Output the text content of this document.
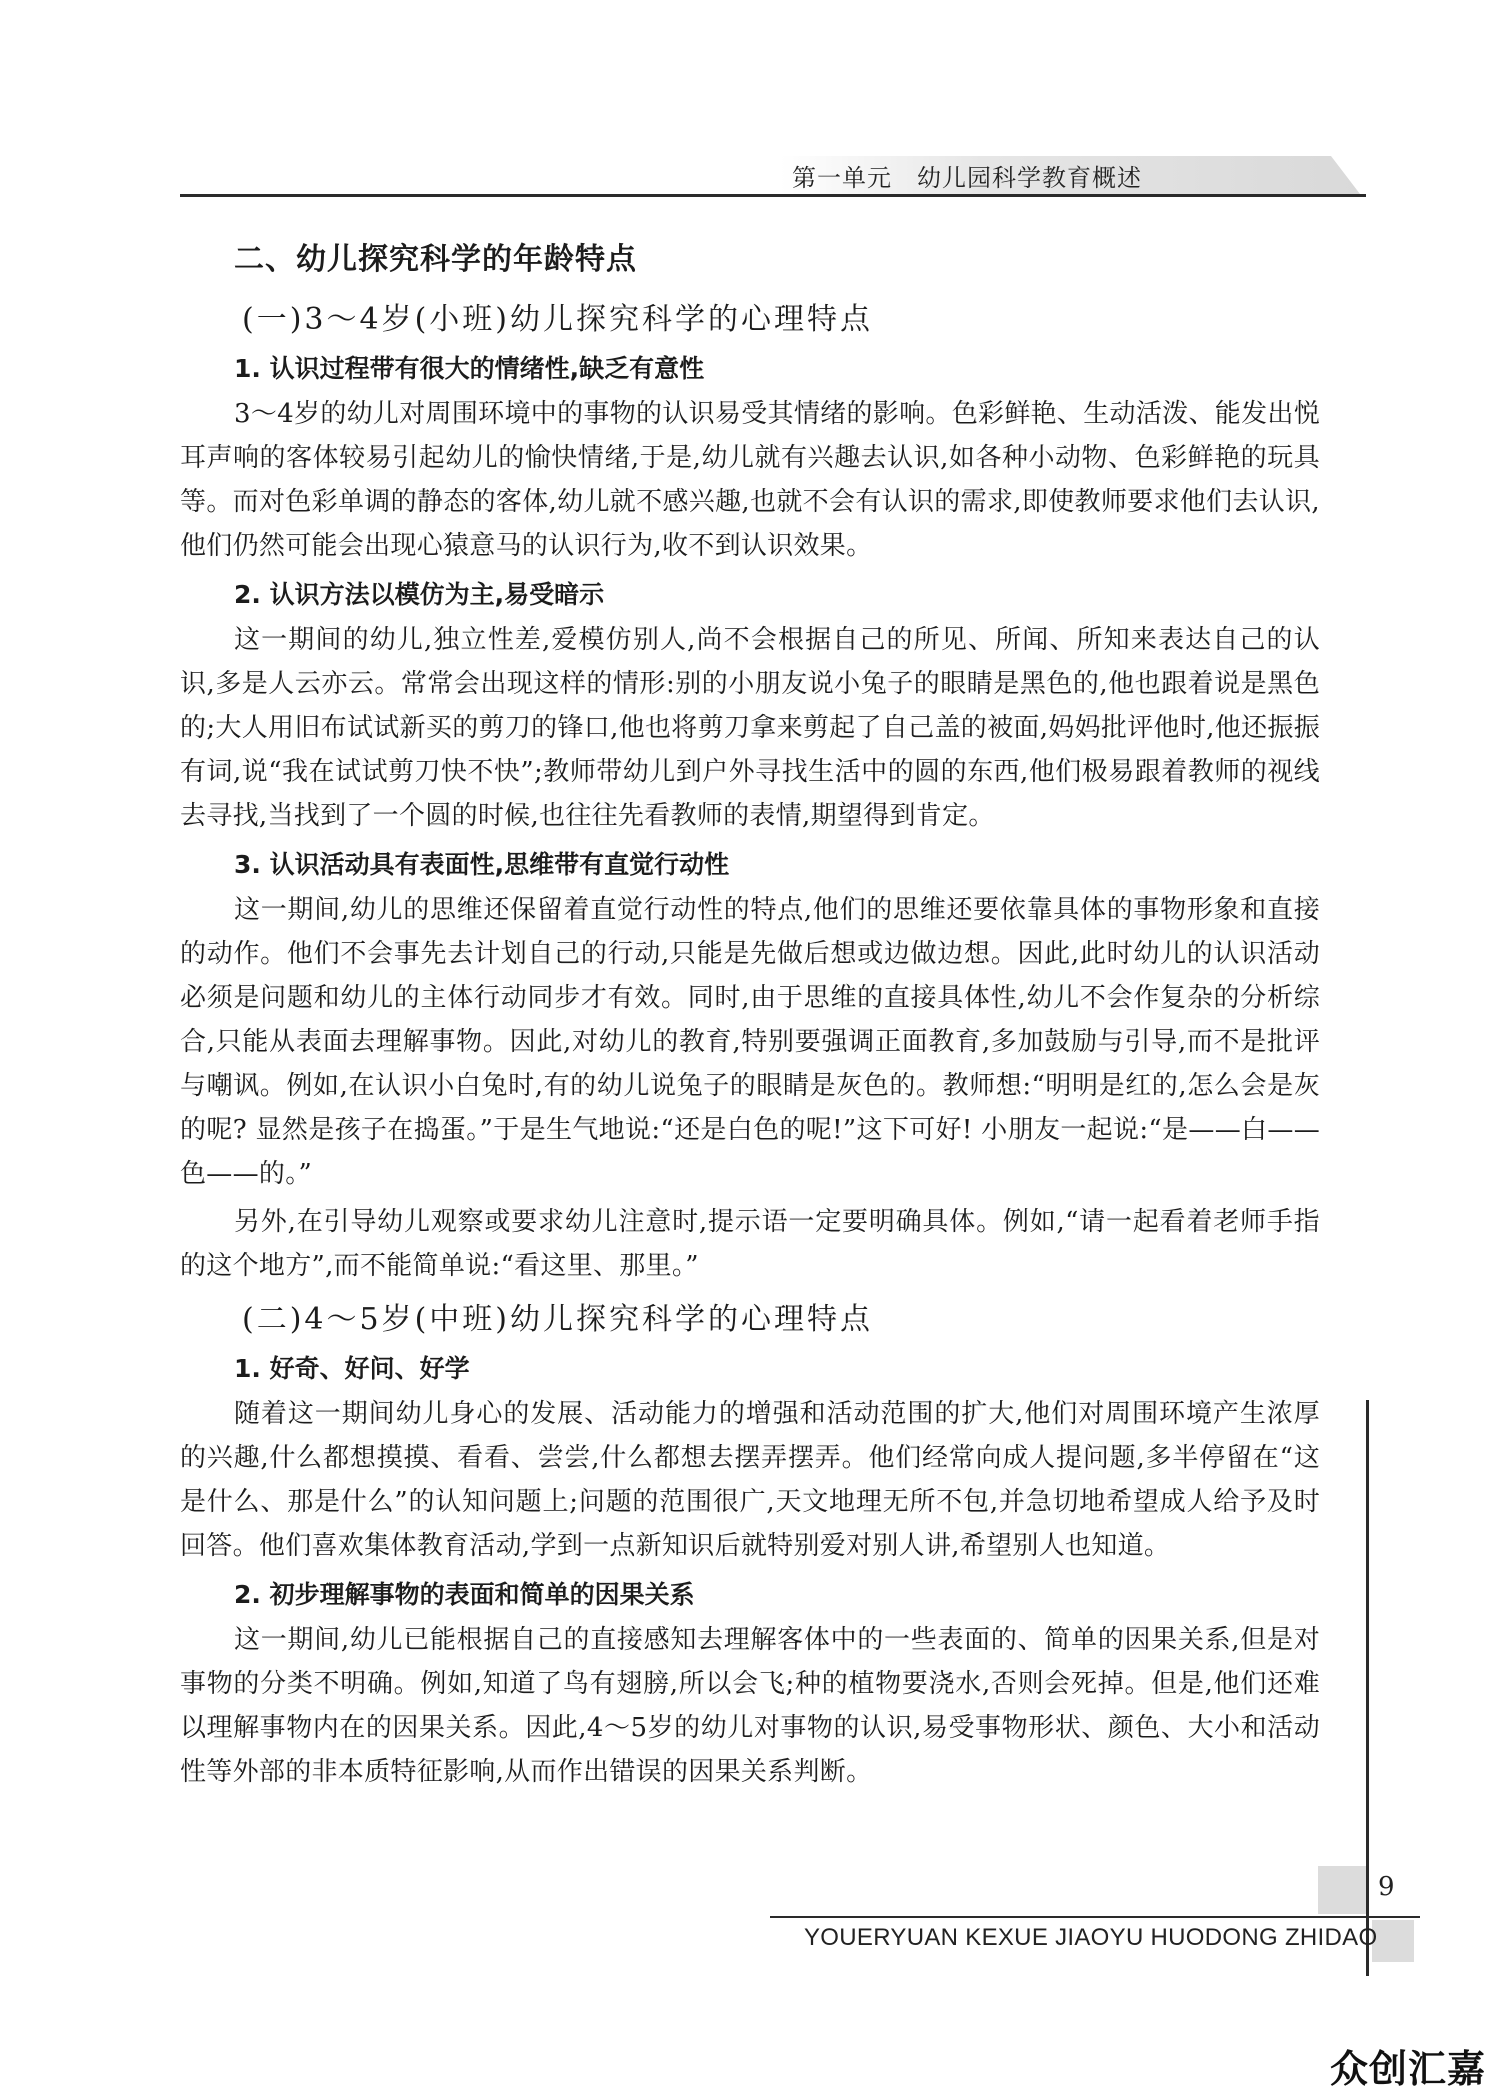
第一单元　幼儿园科学教育概述
二、幼儿探究科学的年龄特点
(一)3～4岁(小班)幼儿探究科学的心理特点
1. 认识过程带有很大的情绪性,缺乏有意性

3～4岁的幼儿对周围环境中的事物的认识易受其情绪的影响。色彩鲜艳、生动活泼、能发出悦耳声响的客体较易引起幼儿的愉快情绪,于是,幼儿就有兴趣去认识,如各种小动物、色彩鲜艳的玩具等。而对色彩单调的静态的客体,幼儿就不感兴趣,也就不会有认识的需求,即使教师要求他们去认识,他们仍然可能会出现心猿意马的认识行为,收不到认识效果。

2. 认识方法以模仿为主,易受暗示

这一期间的幼儿,独立性差,爱模仿别人,尚不会根据自己的所见、所闻、所知来表达自己的认识,多是人云亦云。常常会出现这样的情形:别的小朋友说小兔子的眼睛是黑色的,他也跟着说是黑色的;大人用旧布试试新买的剪刀的锋口,他也将剪刀拿来剪起了自己盖的被面,妈妈批评他时,他还振振有词,说“我在试试剪刀快不快”;教师带幼儿到户外寻找生活中的圆的东西,他们极易跟着教师的视线去寻找,当找到了一个圆的时候,也往往先看教师的表情,期望得到肯定。

3. 认识活动具有表面性,思维带有直觉行动性

这一期间,幼儿的思维还保留着直觉行动性的特点,他们的思维还要依靠具体的事物形象和直接的动作。他们不会事先去计划自己的行动,只能是先做后想或边做边想。因此,此时幼儿的认识活动必须是问题和幼儿的主体行动同步才有效。同时,由于思维的直接具体性,幼儿不会作复杂的分析综合,只能从表面去理解事物。因此,对幼儿的教育,特别要强调正面教育,多加鼓励与引导,而不是批评与嘲讽。例如,在认识小白兔时,有的幼儿说兔子的眼睛是灰色的。教师想:“明明是红的,怎么会是灰的呢? 显然是孩子在捣蛋。”于是生气地说:“还是白色的呢!”这下可好! 小朋友一起说:“是——白——色——的。”

另外,在引导幼儿观察或要求幼儿注意时,提示语一定要明确具体。例如,“请一起看着老师手指的这个地方”,而不能简单说:“看这里、那里。”

(二)4～5岁(中班)幼儿探究科学的心理特点
1. 好奇、好问、好学

随着这一期间幼儿身心的发展、活动能力的增强和活动范围的扩大,他们对周围环境产生浓厚的兴趣,什么都想摸摸、看看、尝尝,什么都想去摆弄摆弄。他们经常向成人提问题,多半停留在“这是什么、那是什么”的认知问题上;问题的范围很广,天文地理无所不包,并急切地希望成人给予及时回答。他们喜欢集体教育活动,学到一点新知识后就特别爱对别人讲,希望别人也知道。

2. 初步理解事物的表面和简单的因果关系

这一期间,幼儿已能根据自己的直接感知去理解客体中的一些表面的、简单的因果关系,但是对事物的分类不明确。例如,知道了鸟有翅膀,所以会飞;种的植物要浇水,否则会死掉。但是,他们还难以理解事物内在的因果关系。因此,4～5岁的幼儿对事物的认识,易受事物形状、颜色、大小和活动性等外部的非本质特征影响,从而作出错误的因果关系判断。

9
YOUERYUAN KEXUE JIAOYU HUODONG ZHIDAO
众创汇嘉
